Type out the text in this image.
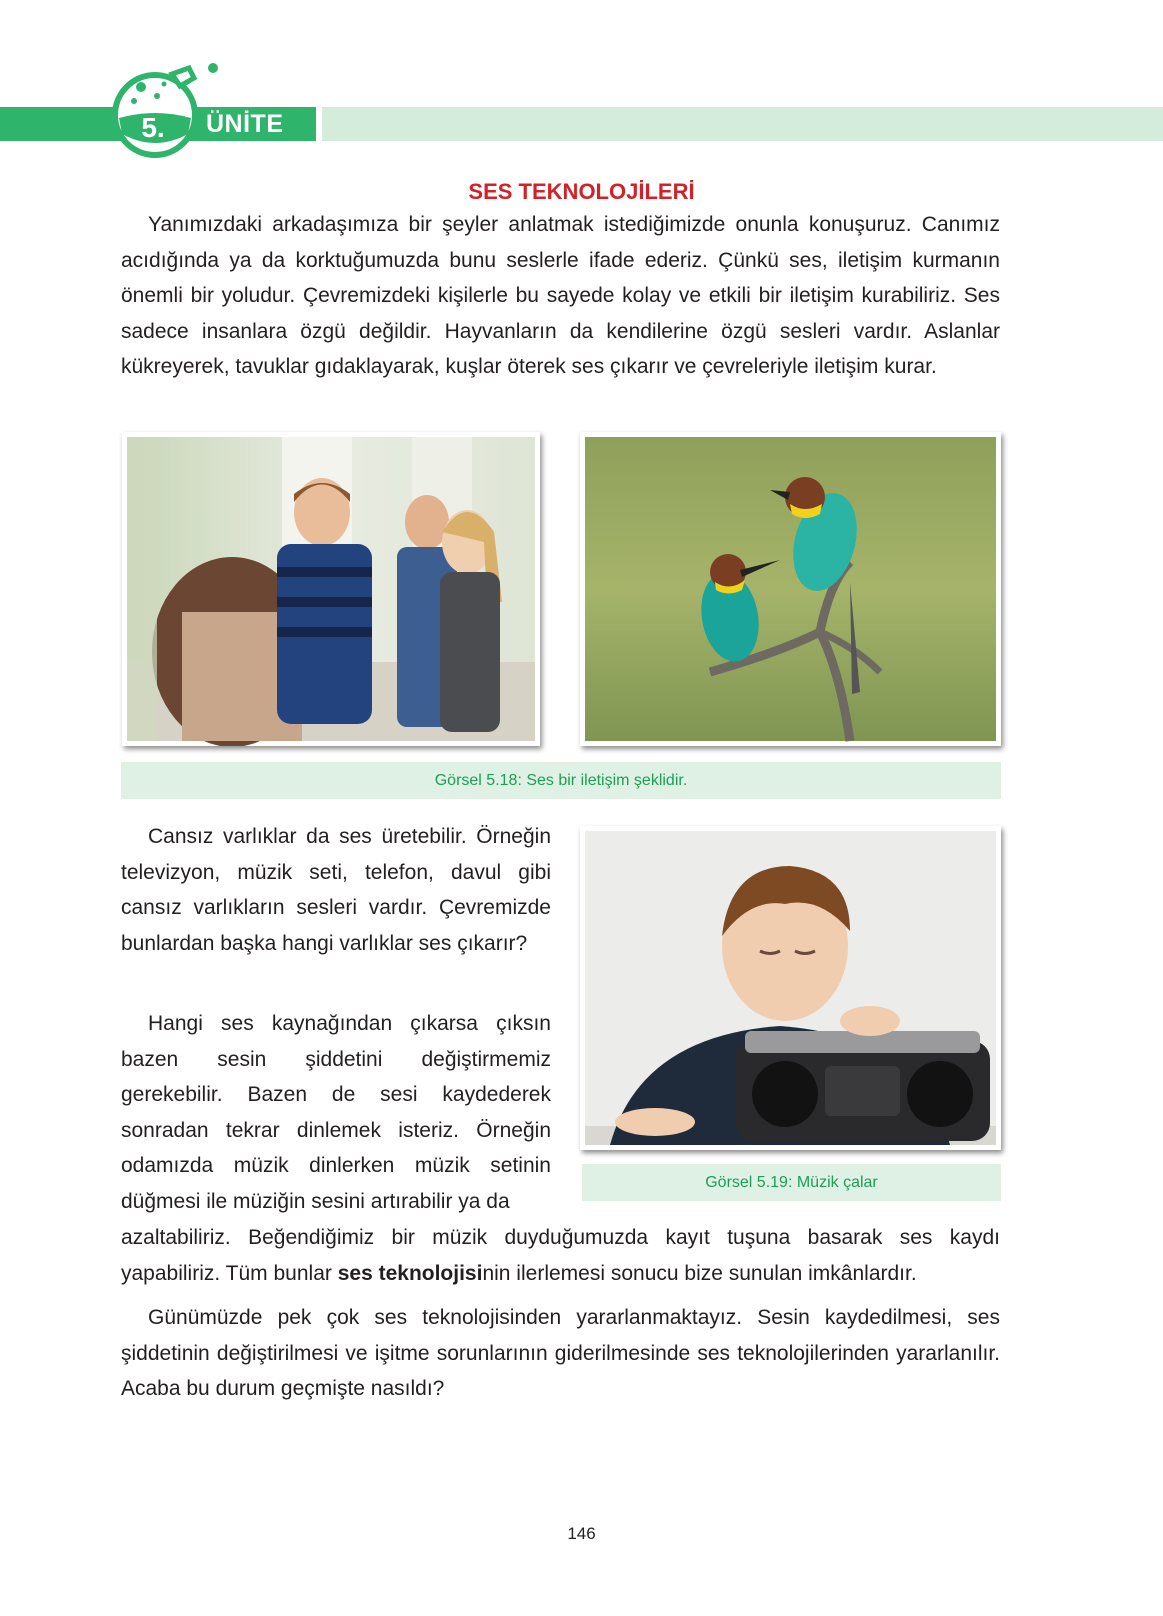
5. ÜNİTE
SES TEKNOLOJİLERİ

Yanımızdaki arkadaşımıza bir şeyler anlatmak istediğimizde onunla konuşuruz. Canımız acıdığında ya da korktuğumuzda bunu seslerle ifade ederiz. Çünkü ses, iletişim kurmanın önemli bir yoludur. Çevremizdeki kişilerle bu sayede kolay ve etkili bir iletişim kurabiliriz. Ses sadece insanlara özgü değildir. Hayvanların da kendilerine özgü sesleri vardır. Aslanlar kükreyerek, tavuklar gıdaklayarak, kuşlar öterek ses çıkarır ve çevreleriyle iletişim kurar.

Görsel 5.18: Ses bir iletişim şeklidir.

Cansız varlıklar da ses üretebilir. Örneğin televizyon, müzik seti, telefon, davul gibi cansız varlıkların sesleri vardır. Çevremizde bunlardan başka hangi varlıklar ses çıkarır?

Hangi ses kaynağından çıkarsa çıksın bazen sesin şiddetini değiştirmemiz gerekebilir. Bazen de sesi kaydederek sonradan tekrar dinlemek isteriz. Örneğin odamızda müzik dinlerken müzik setinin düğmesi ile müziğin sesini artırabilir ya da

Görsel 5.19: Müzik çalar

azaltabiliriz. Beğendiğimiz bir müzik duyduğumuzda kayıt tuşuna basarak ses kaydı yapabiliriz. Tüm bunlar ses teknolojisinin ilerlemesi sonucu bize sunulan imkânlardır.

Günümüzde pek çok ses teknolojisinden yararlanmaktayız. Sesin kaydedilmesi, ses şiddetinin değiştirilmesi ve işitme sorunlarının giderilmesinde ses teknolojilerinden yararlanılır. Acaba bu durum geçmişte nasıldı?

146
